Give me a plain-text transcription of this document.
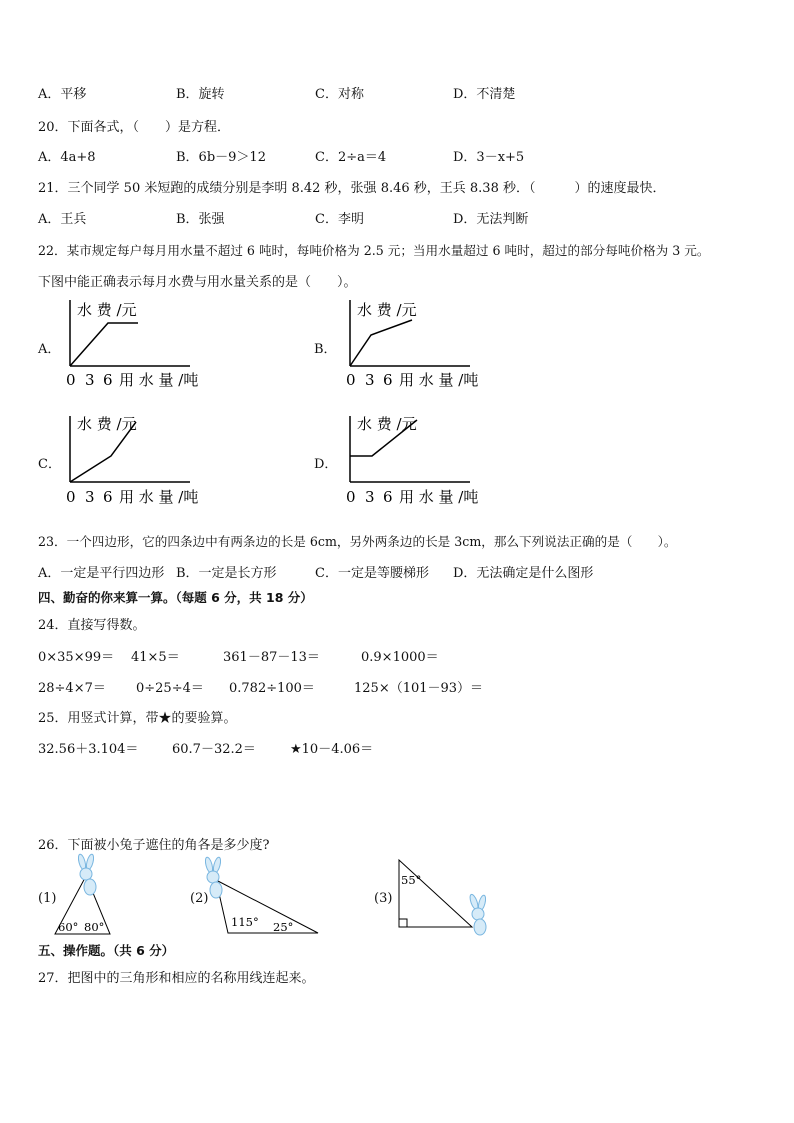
A．平移	B．旋转	C．对称	D．不清楚
20．下面各式，（　　）是方程．
A．4a+8	B．6b－9＞12	C．2÷a＝4	D．3－x+5
21．三个同学 50 米短跑的成绩分别是李明 8.42 秒，张强 8.46 秒，王兵 8.38 秒．（　　　）的速度最快．
A．王兵	B．张强	C．李明	D．无法判断
22．某市规定每户每月用水量不超过 6 吨时，每吨价格为 2.5 元；当用水量超过 6 吨时，超过的部分每吨价格为 3 元。
下图中能正确表示每月水费与用水量关系的是（　　）。
A．
水 费 /元
0 3 6 用 水 量 /吨
B．
水 费 /元
0 3 6 用 水 量 /吨
C．
水 费 /元
0 3 6 用 水 量 /吨
D．
水 费 /元
0 3 6 用 水 量 /吨
23．一个四边形，它的四条边中有两条边的长是 6cm，另外两条边的长是 3cm，那么下列说法正确的是（　　）。
A．一定是平行四边形 B．一定是长方形	C．一定是等腰梯形 D．无法确定是什么图形
四、勤奋的你来算一算。（每题 6 分，共 18 分）
24．直接写得数。
0×35×99＝ 41×5＝	361－87－13＝	0.9×1000＝
28÷4×7＝ 0÷25÷4＝ 0.782÷100＝	125×（101－93）＝
25．用竖式计算，带★的要验算。
32.56＋3.104＝	60.7－32.2＝	★10－4.06＝
26．下面被小兔子遮住的角各是多少度?
(1)
60° 80°
(2)
115° 25°
(3)
55°
五、操作题。（共 6 分）
27．把图中的三角形和相应的名称用线连起来。
